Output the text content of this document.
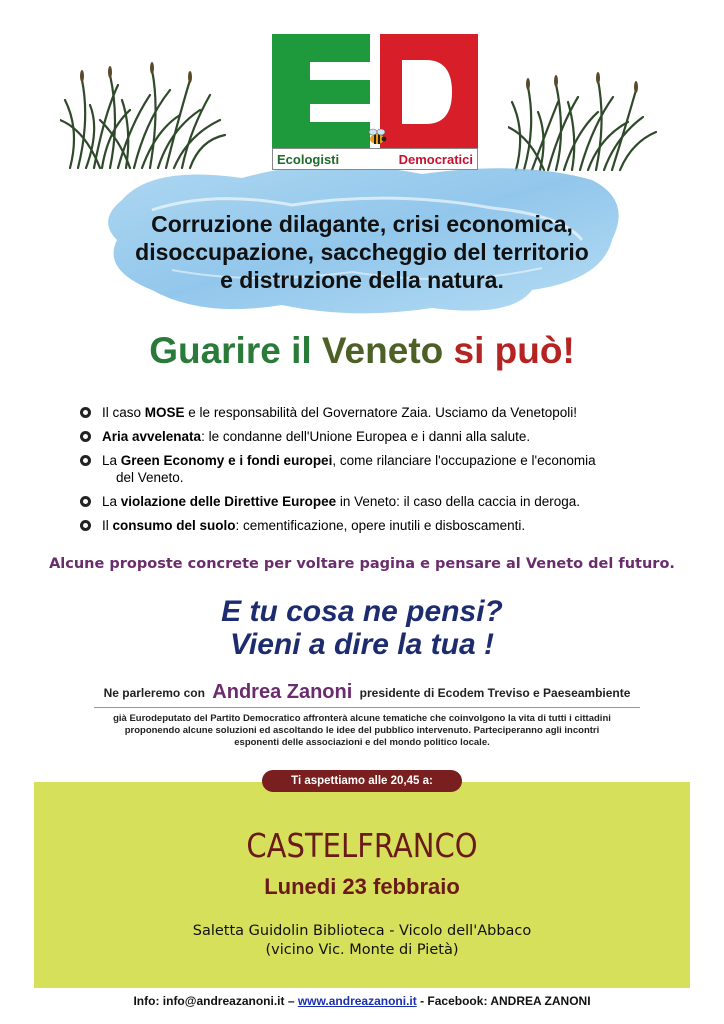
Ecologisti	Democratici
Corruzione dilagante, crisi economica,
disoccupazione, saccheggio del territorio
e distruzione della natura.
Guarire il Veneto si può!
Il caso MOSE e le responsabilità del Governatore Zaia. Usciamo da Venetopoli!
Aria avvelenata: le condanne dell'Unione Europea e i danni alla salute.
La Green Economy e i fondi europei, come rilanciare l'occupazione e l'economia
del Veneto.
La violazione delle Direttive Europee in Veneto: il caso della caccia in deroga.
Il consumo del suolo: cementificazione, opere inutili e disboscamenti.
Alcune proposte concrete per voltare pagina e pensare al Veneto del futuro.
E tu cosa ne pensi?
Vieni a dire la tua !
Ne parleremo con Andrea Zanoni presidente di Ecodem Treviso e Paeseambiente
già Eurodeputato del Partito Democratico affronterà alcune tematiche che coinvolgono la vita di tutti i cittadini proponendo alcune soluzioni ed ascoltando le idee del pubblico intervenuto. Parteciperanno agli incontri esponenti delle associazioni e del mondo politico locale.
Ti aspettiamo alle 20,45 a:
CASTELFRANCO
Lunedi 23 febbraio
Saletta Guidolin Biblioteca - Vicolo dell'Abbaco
(vicino Vic. Monte di Pietà)
Info: info@andreazanoni.it – www.andreazanoni.it - Facebook: ANDREA ZANONI
